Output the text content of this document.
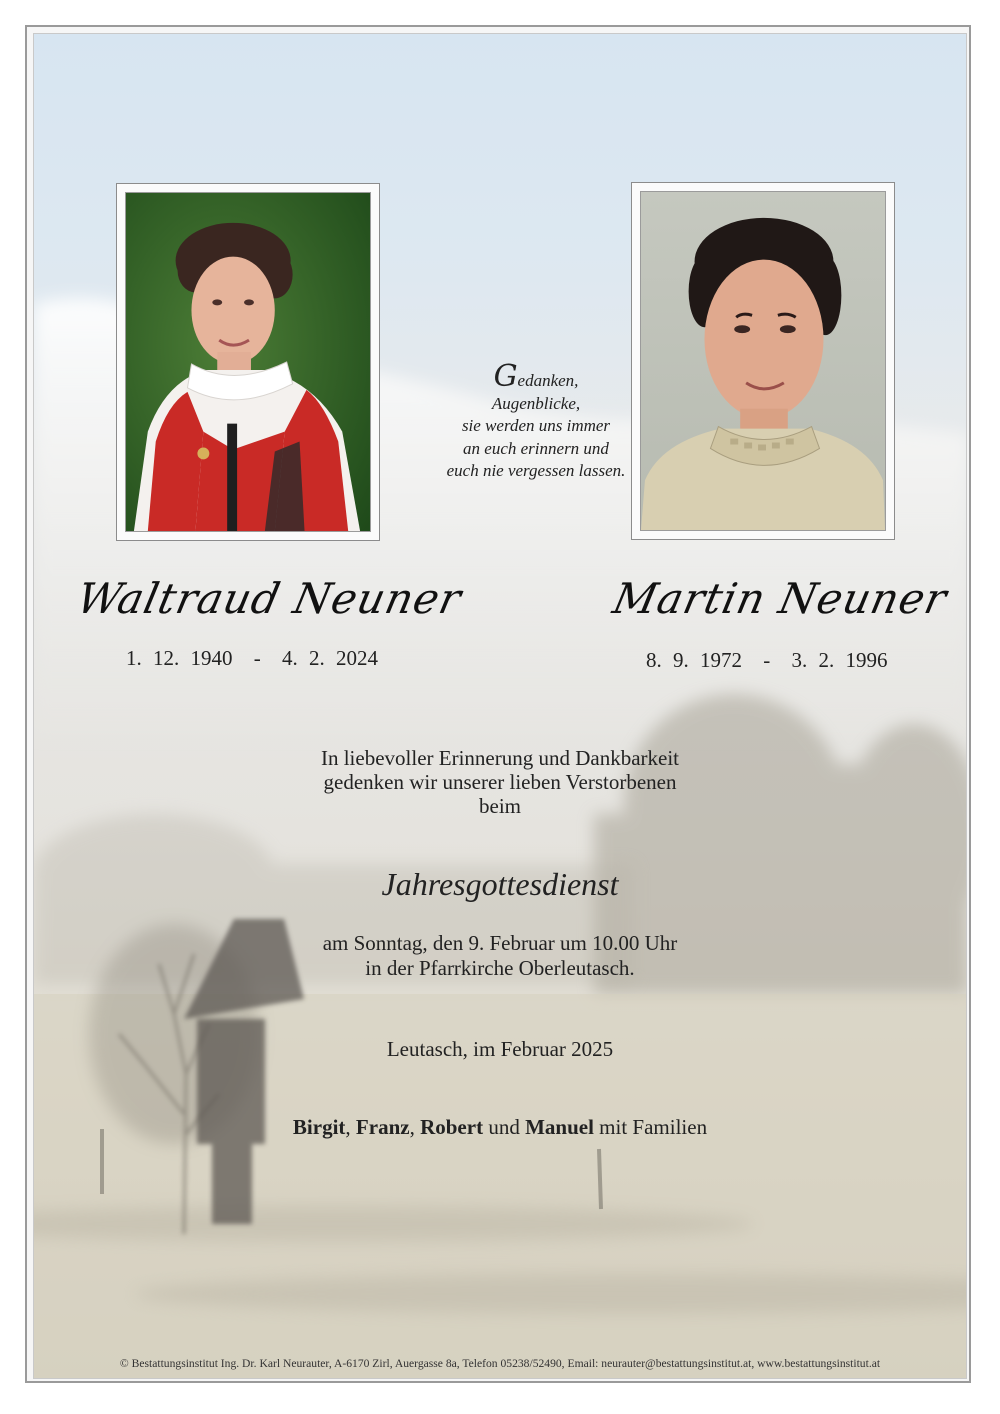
Gedanken,
Augenblicke,
sie werden uns immer
an euch erinnern und
euch nie vergessen lassen.
Waltraud Neuner	Martin Neuner
1. 12. 1940 - 4. 2. 2024	8. 9. 1972 - 3. 2. 1996
In liebevoller Erinnerung und Dankbarkeit
gedenken wir unserer lieben Verstorbenen
beim
Jahresgottesdienst
am Sonntag, den 9. Februar um 10.00 Uhr
in der Pfarrkirche Oberleutasch.
Leutasch, im Februar 2025
Birgit, Franz, Robert und Manuel mit Familien
© Bestattungsinstitut Ing. Dr. Karl Neurauter, A-6170 Zirl, Auergasse 8a, Telefon 05238/52490, Email: neurauter@bestattungsinstitut.at, www.bestattungsinstitut.at
